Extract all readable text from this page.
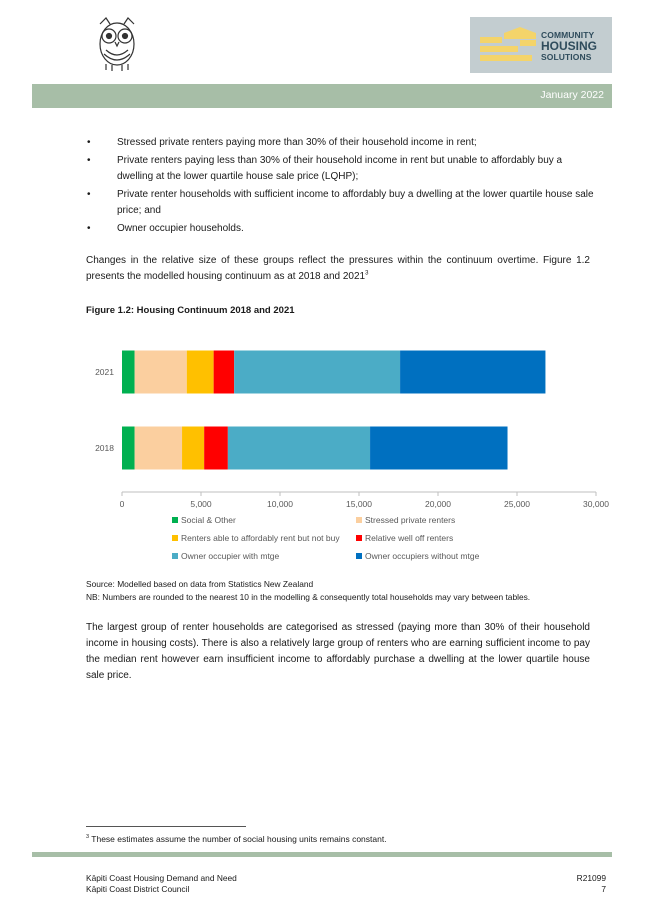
COMMUNITY
HOUSING
SOLUTIONS
January 2022
• Stressed private renters paying more than 30% of their household income in rent;
• Private renters paying less than 30% of their household income in rent but unable to affordably buy a dwelling at the lower quartile house sale price (LQHP);
• Private renter households with sufficient income to affordably buy a dwelling at the lower quartile house sale price; and
• Owner occupier households.

Changes in the relative size of these groups reflect the pressures within the continuum overtime. Figure 1.2 presents the modelled housing continuum as at 2018 and 2021$^3$

Figure 1.2: Housing Continuum 2018 and 2021
0	5,000	10,000	15,000	20,000	25,000	30,000
2021
2018
Social & Other	Stressed private renters
Renters able to affordably rent but not buy	Relative well off renters
Owner occupier with mtge	Owner occupiers without mtge
Source: Modelled based on data from Statistics New Zealand
NB: Numbers are rounded to the nearest 10 in the modelling & consequently total households may vary between tables.

The largest group of renter households are categorised as stressed (paying more than 30% of their household income in housing costs). There is also a relatively large group of renters who are earning sufficient income to pay the median rent however earn insufficient income to affordably purchase a dwelling at the lower quartile house sale price.

$^3$ These estimates assume the number of social housing units remains constant.
Kāpiti Coast Housing Demand and Need
Kāpiti Coast District Council
R21099
7
